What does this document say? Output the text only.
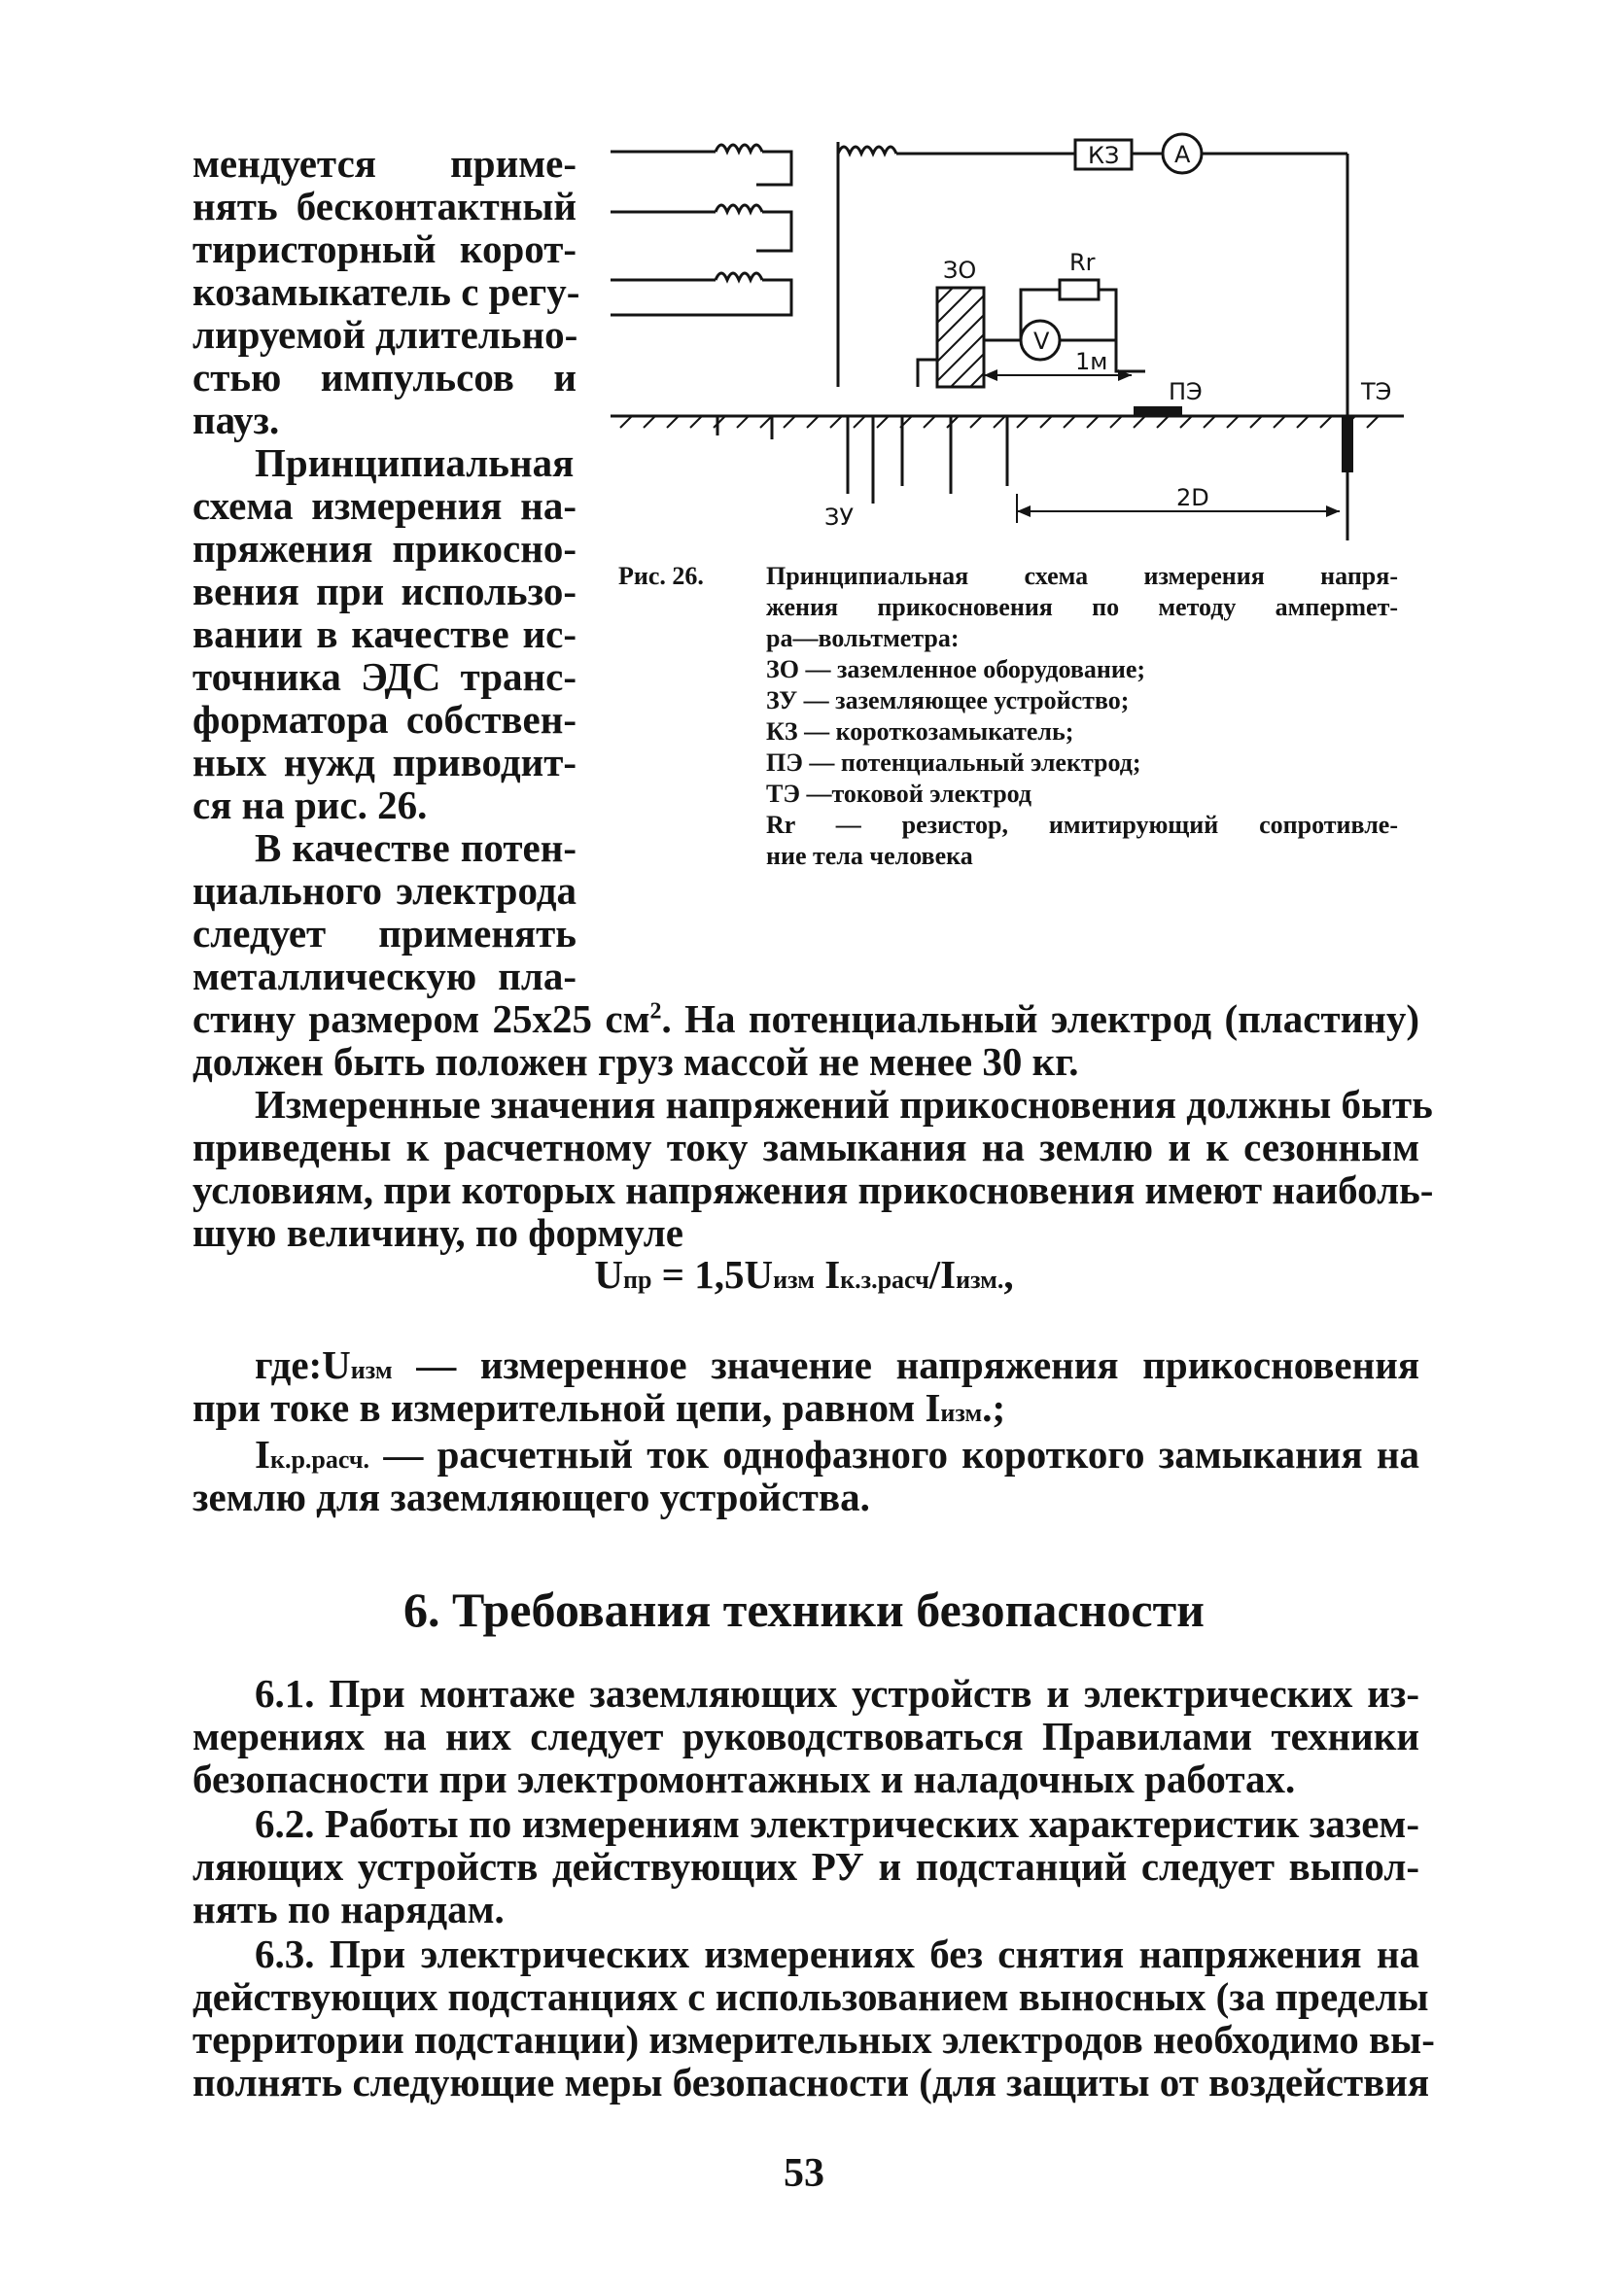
мендуется приме-
нять бесконтактный
тиристорный корот-
козамыкатель с регу-
лируемой длительно-
стью импульсов и
пауз.
Принципиальная
схема измерения на-
пряжения прикосно-
вения при использо-
вании в качестве ис-
точника ЭДС транс-
форматора собствен-
ных нужд приводит-
ся на рис. 26.
В качестве потен-
циального электрода
следует применять
металлическую пла-
КЗ A
V
ЗО	Rr
1м
ПЭ	ТЭ
ЗУ
2D
Рис. 26. Принципиальная схема измерения напря-
жения прикосновения по методу амперmет-
ра—вольтметра:
ЗО — заземленное оборудование;
ЗУ — заземляющее устройство;
КЗ — короткозамыкатель;
ПЭ — потенциальный электрод;
ТЭ —токовой электрод
Rr — резистор, имитирующий сопротивле-
ние тела человека
стину размером 25х25 $см^2$. На потенциальный электрод (пластину)
должен быть положен груз массой не менее 30 кг.
Измеренные значения напряжений прикосновения должны быть
приведены к расчетному току замыкания на землю и к сезонным
условиям, при которых напряжения прикосновения имеют наиболь-
шую величину, по формуле
Uпр = 1,5Uизм Iк.з.расч/Iизм.,
где:Uизм — измеренное значение напряжения прикосновения
при токе в измерительной цепи, равном Iизм.;
Iк.р.расч. — расчетный ток однофазного короткого замыкания на
землю для заземляющего устройства.
6. Требования техники безопасности
6.1. При монтаже заземляющих устройств и электрических из-
мерениях на них следует руководствоваться Правилами техники
безопасности при электромонтажных и наладочных работах.
6.2. Работы по измерениям электрических характеристик зазем-
ляющих устройств действующих РУ и подстанций следует выпол-
нять по нарядам.
6.3. При электрических измерениях без снятия напряжения на
действующих подстанциях с использованием выносных (за пределы
территории подстанции) измерительных электродов необходимо вы-
полнять следующие меры безопасности (для защиты от воздействия
53
